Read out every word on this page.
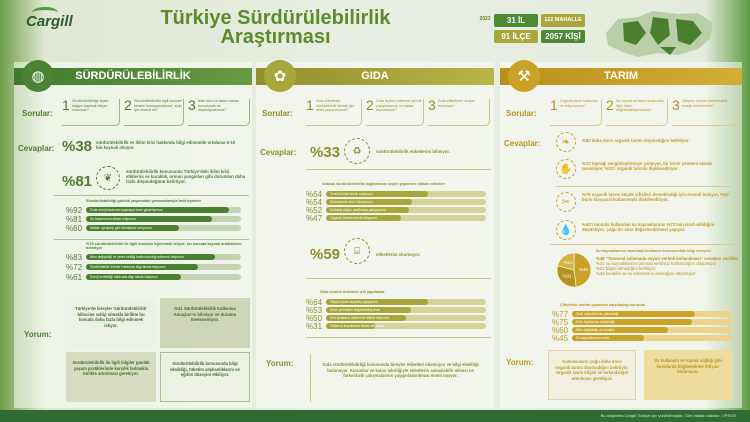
Bu araştırma Cargill Türkiye için yürütülmüştür. Tüm hakları saklıdır. | IPSOS
Cargill	Türkiye Sürdürülebilirlik
Araştırması
2023	31 İL	122 MAHALLE
91 İLÇE	2057 KİŞİ
SÜRDÜRÜLEBİLİRLİK
◍
Sorular:
1 Sürdürülebilirliğe ilişkin bilgiye ulaşmak istiyor musunuz?	2 Sürdürülebilirlikle ilgili konuları kiminle konuşuyorsunuz, sizin için önemli mi?	3 İklim krizi ve kadın hakları konusunda ne düşünüyorsunuz?
Cevaplar: %38 sürdürülebilirlik ve iklim krizi hakkında bilgi edinmede ortalama 5-10 bin kaynak okuyor.
%81	❦
sürdürülebilirlik konusunda Türkiye'deki iklim krizi etkilerini ve kuraklık, orman yangınları gibi durumları daha fazla düşündüğünü belirtiyor.
Sürdürülebilirliği günlük yaşamdaki yansımalarıyla belirleyenler
%92	Evde enerji tasarrufu yapmaya özen gösteriyorum
%81	Su tasarrufuna dikkat ediyorum
%60	Atıkları ayrıştırıp geri dönüşüme veriyorum
%78 sürdürülebilirlik ile ilgili konuları öğrenmek istiyor; bu konuda kaynak aradıklarını belirtiyor
%83	İklim değişikliği ve çevre kirliliği hakkında bilgi edinmek istiyorum
%72	Sürdürülebilir ürünler hakkında bilgi almak istiyorum
%61	Enerji verimliliği hakkında bilgi almak istiyorum
Yorum:
Türkiye'de bireyler 'sürdürülebilirlik' bilincine sahip olmakla birlikte bu konuda daha fazla bilgi edinmek istiyor.
%31 Sürdürülebilirlik Kalkınma Amaçları'nı bilmiyor ve durumu önemsemiyor.
Sürdürülebilirlik ile ilgili bilgiler günlük yaşam pratiklerinde karşılık bulmakla birlikte artırılması gerekiyor.
Sürdürülebilirlik konusunda bilgi eksikliği, tüketim alışkanlıklarını ve eğitim düzeyini etkiliyor.
GIDA
✿
Sorular:
1 Gıda tüketimini sürdürülebilir kılmak için neler yapıyorsunuz?	2 Gıda israfını önlemek için ne yapıyorsunuz, ne kadar atıyorsunuz?	3 Gıda etiketlerini okuyor musunuz?
Cevaplar: %33	♻	sürdürülebilirlik etiketlerini bilmiyor.
Gıdada sürdürülebilirlik bağlamında seçim yaparken dikkat edilenler
%64	Yerel ürünleri tercih ediyorum
%54	Mevsiminde ürün tüketiyorum
%52	Ambalaj atığını azaltmaya çalışıyorum
%47	Organik ürünleri tercih ediyorum
%59	⌸	etiketlerini okumuyor.
Gıda israfını önlemek için yapılanlar
%64	İhtiyaç kadar alışveriş yapıyorum
%53	Artan yemekleri değerlendiriyorum
%50	Son kullanma tarihlerine dikkat ediyorum
%31	Saklama koşullarına dikkat ediyorum
Yorum:	Gıda sürdürülebilirliği konusunda bireyler etiketleri okumuyor ve bilgi eksikliği bulunuyor. Kurumlar ve kamu işbirliğiyle etiketlerin anlaşılabilir olması ve farkındalık çalışmalarının yaygınlaştırılması önem taşıyor.
TARIM
⚒
Sorular:
1 Organik tarım hakkında ne biliyorsunuz?	2 Su, toprak ve tarım arasındaki ilişki nasıl değerlendiriyorsunuz?	3 Çiftçinin ürünün üretimindeki emeği önemli midir?
Cevaplar:	❧	%82 daha önce organik tarımı duymadığını belirtiyor.
✋	%72 toprağı zenginleştirmeye çalışıyor, bir tarım yöntemi olarak tanımlıyor, %31'i organik tarımla ilişkilendiriyor.
✂
%79 organik tarımı küçük çiftçileri desteklediği için önemli buluyor, %62 bunu kimyasal kullanımıyla ilişkilendiriyor.
💧	%40'ı tarımda kullanılan su kaynaklarının %71'inin israf edildiğini düşünüyor, çoğu bir sınır değerlendirmesi yapıyor.
%48
%31
%21
Su kaynaklarının tarımdaki kullanımı konusundaki bilgi seviyesi
%48 "Tarımsal sulamada suyun verimli kullanılması" cevabını verdiler
%31 su kaynaklarının tarımda verimsiz kullanıldığını düşünüyor
%21 bilgisi olmadığını belirtiyor
%45 kuraklık ve su sıkıntısının artacağını düşünüyor
Çiftçilerin üretim yaparken karşılaştığı sorunlar
%77	Girdi maliyetlerinin yüksekliği
%75	Ürün fiyatlarının düşüklüğü
%60	İklim değişikliği ve kuraklık
%45	Su kaynaklarına erişim
Yorum:	Katılımcıların çoğu daha önce organik tarımı duymadığını belirtiyor. Organik tarım bilgisi ve farkındalığın artırılması gerekiyor.
Su kullanımı ve toprak sağlığı gibi konularda bilgilendirme ihtiyacı bulunuyor.
